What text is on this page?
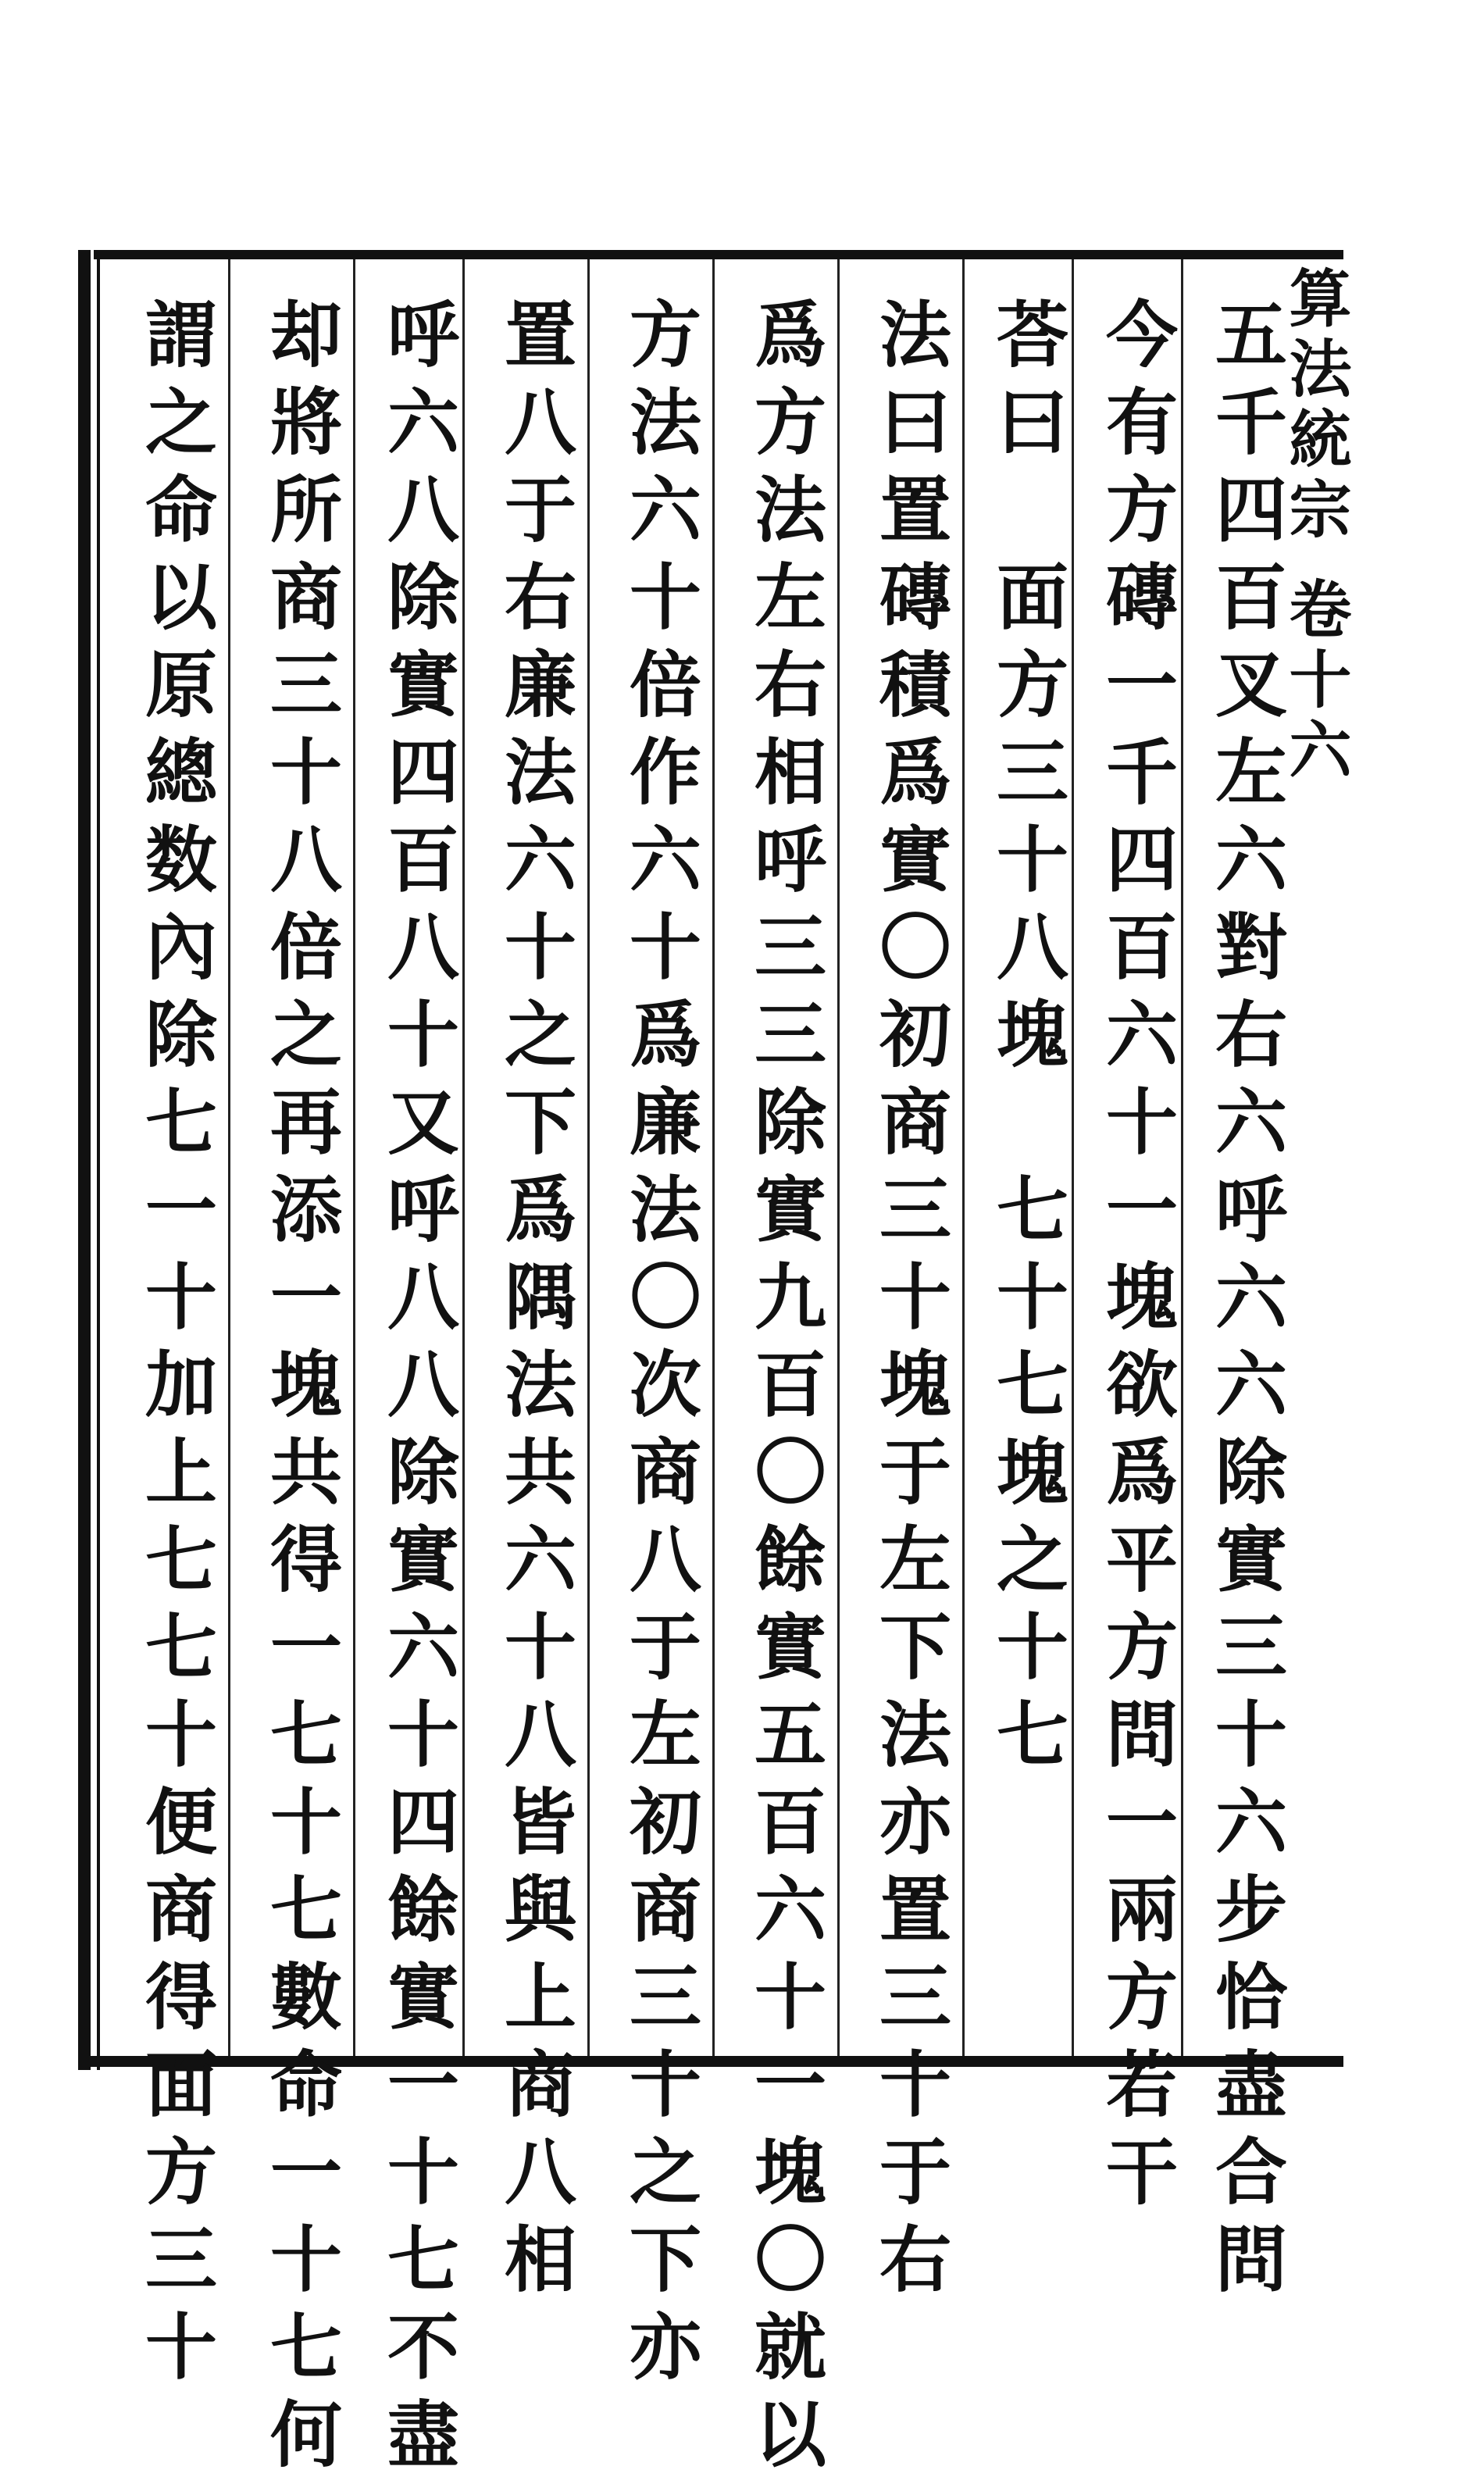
算法統宗 卷十六
五千四百叉左六對右六呼六六除實三十六步恰盡合問
今有方磚一千四百六十一塊欲爲平方問一兩方若干
荅曰　面方三十八塊　七十七塊之十七
法曰置磚積爲實〇初商三十塊于左下法亦置三十于右
爲方法左右相呼三三除實九百〇餘實五百六十一塊〇就以
方法六十倍作六十爲廉法〇次商八于左初商三十之下亦
置八于右廉法六十之下爲隅法共六十八皆與上商八相
呼六八除實四百八十又呼八八除實六十四餘實一十七不盡
却將所商三十八倍之再添一塊共得一七十七數命一十七何
謂之命以原總数內除七一十加上七七十便商得面方三十
